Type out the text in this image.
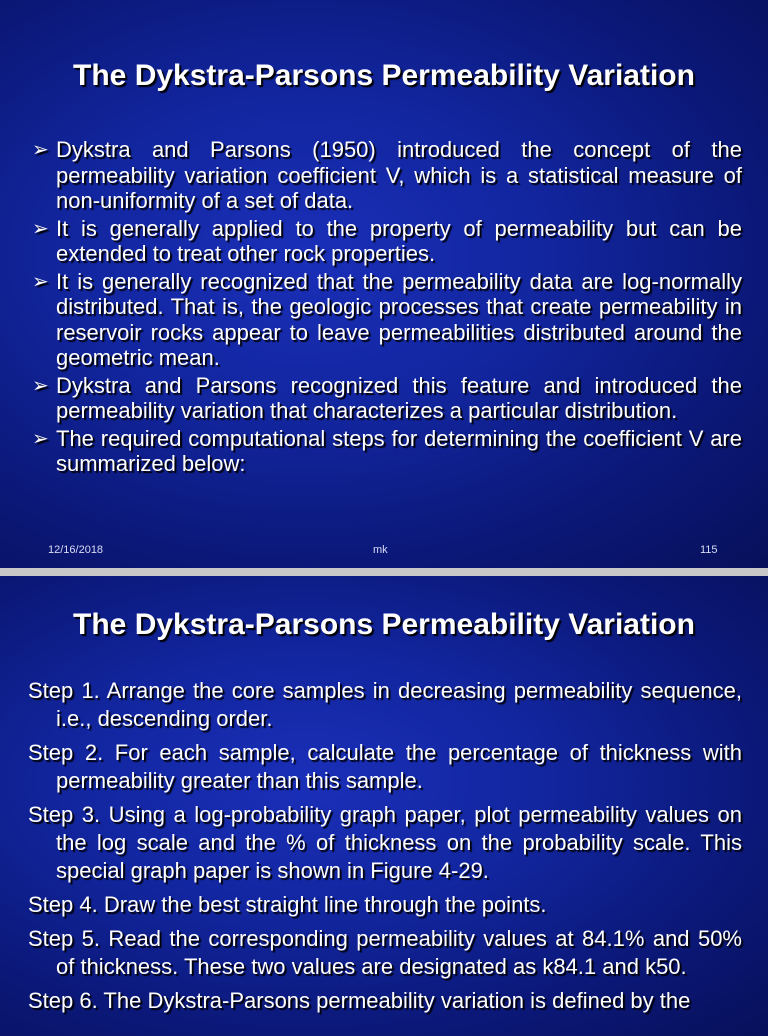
The Dykstra-Parsons Permeability Variation
➢ Dykstra and Parsons (1950) introduced the concept of the permeability variation coefficient V, which is a statistical measure of non-uniformity of a set of data.
➢ It is generally applied to the property of permeability but can be extended to treat other rock properties.
➢ It is generally recognized that the permeability data are log-normally distributed. That is, the geologic processes that create permeability in reservoir rocks appear to leave permeabilities distributed around the geometric mean.
➢ Dykstra and Parsons recognized this feature and introduced the permeability variation that characterizes a particular distribution.
➢ The required computational steps for determining the coefficient V are summarized below:
12/16/2018	mk	115
The Dykstra-Parsons Permeability Variation
Step 1. Arrange the core samples in decreasing permeability sequence, i.e., descending order.
Step 2. For each sample, calculate the percentage of thickness with permeability greater than this sample.
Step 3. Using a log-probability graph paper, plot permeability values on the log scale and the % of thickness on the probability scale. This special graph paper is shown in Figure 4-29.
Step 4. Draw the best straight line through the points.
Step 5. Read the corresponding permeability values at 84.1% and 50% of thickness. These two values are designated as k84.1 and k50.
Step 6. The Dykstra-Parsons permeability variation is defined by the
